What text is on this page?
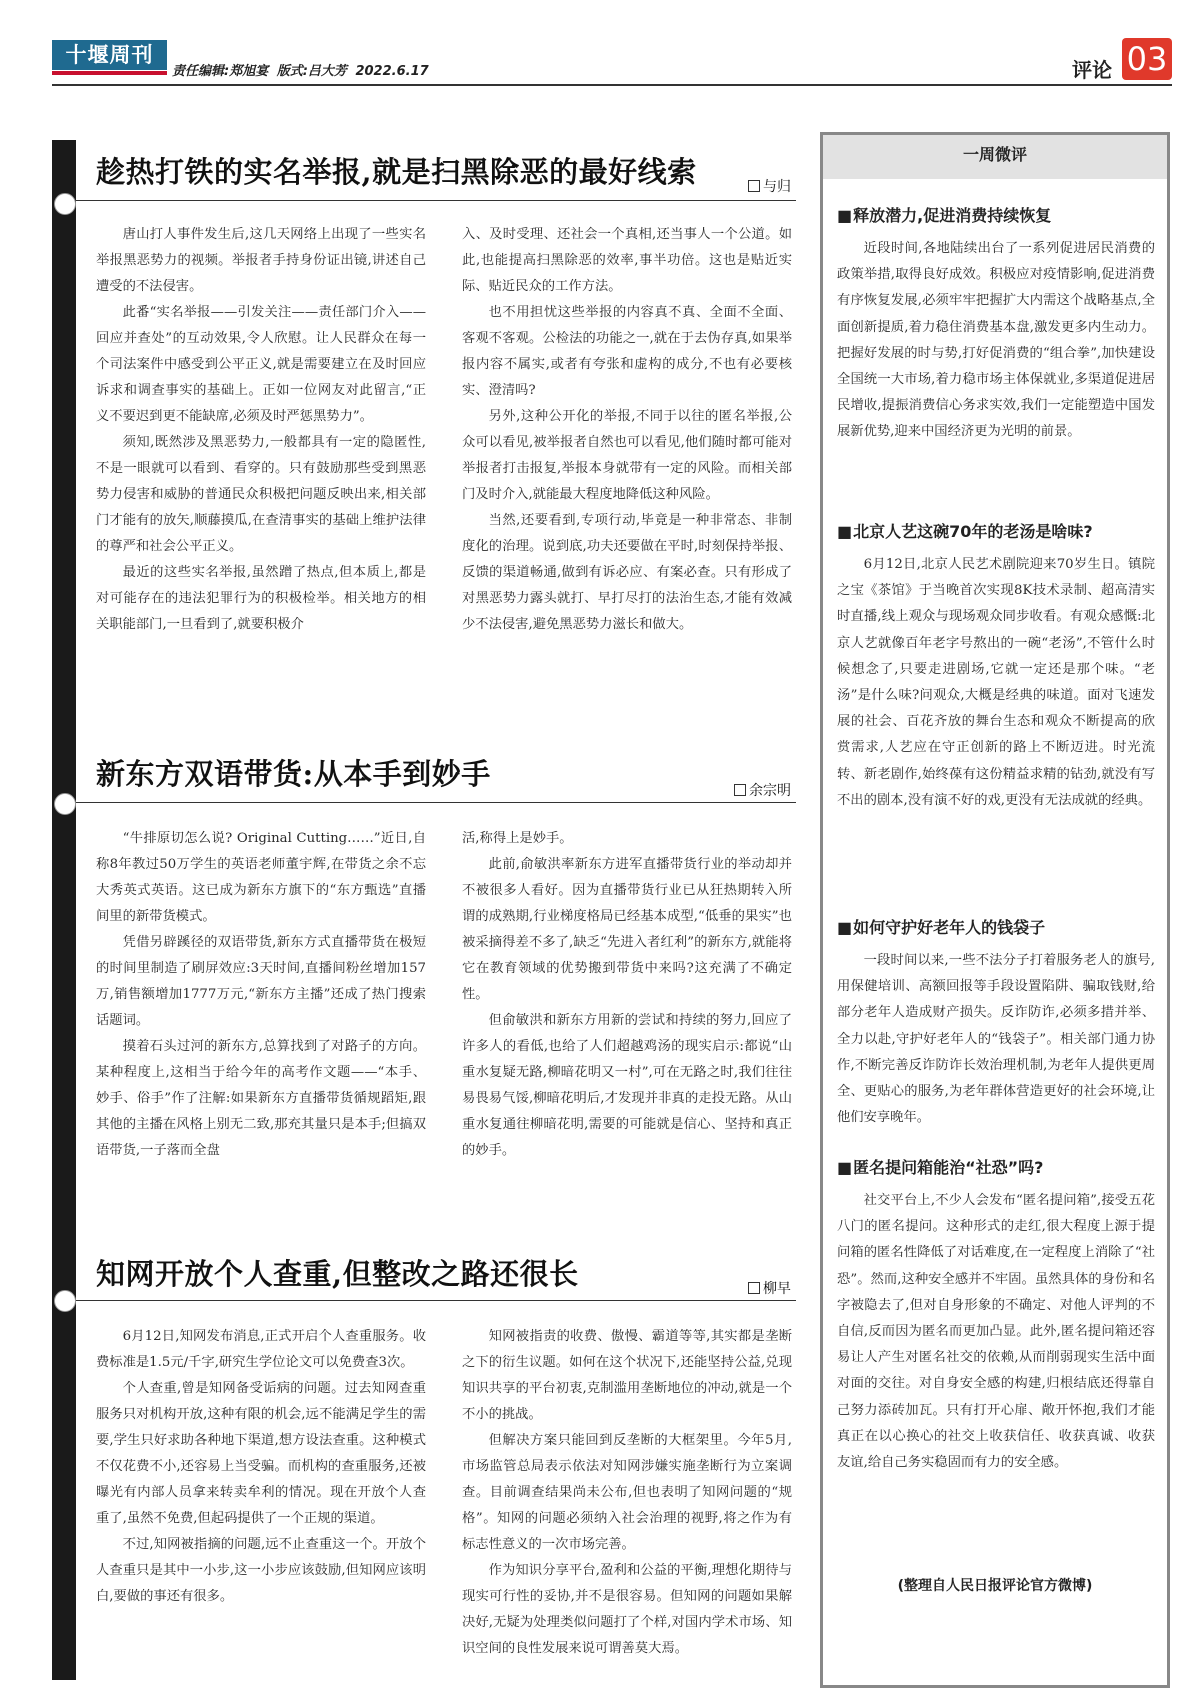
十堰周刊
责任编辑:郑旭宴 版式:吕大芳 2022.6.17	评论 03
趁热打铁的实名举报,就是扫黑除恶的最好线索	与归

唐山打人事件发生后,这几天网络上出现了一些实名举报黑恶势力的视频。举报者手持身份证出镜,讲述自己遭受的不法侵害。

此番“实名举报——引发关注——责任部门介入——回应并查处”的互动效果,令人欣慰。让人民群众在每一个司法案件中感受到公平正义,就是需要建立在及时回应诉求和调查事实的基础上。正如一位网友对此留言,“正义不要迟到更不能缺席,必须及时严惩黑势力”。

须知,既然涉及黑恶势力,一般都具有一定的隐匿性,不是一眼就可以看到、看穿的。只有鼓励那些受到黑恶势力侵害和威胁的普通民众积极把问题反映出来,相关部门才能有的放矢,顺藤摸瓜,在查清事实的基础上维护法律的尊严和社会公平正义。

最近的这些实名举报,虽然蹭了热点,但本质上,都是对可能存在的违法犯罪行为的积极检举。相关地方的相关职能部门,一旦看到了,就要积极介

入、及时受理、还社会一个真相,还当事人一个公道。如此,也能提高扫黑除恶的效率,事半功倍。这也是贴近实际、贴近民众的工作方法。

也不用担忧这些举报的内容真不真、全面不全面、客观不客观。公检法的功能之一,就在于去伪存真,如果举报内容不属实,或者有夸张和虚构的成分,不也有必要核实、澄清吗?

另外,这种公开化的举报,不同于以往的匿名举报,公众可以看见,被举报者自然也可以看见,他们随时都可能对举报者打击报复,举报本身就带有一定的风险。而相关部门及时介入,就能最大程度地降低这种风险。

当然,还要看到,专项行动,毕竟是一种非常态、非制度化的治理。说到底,功夫还要做在平时,时刻保持举报、反馈的渠道畅通,做到有诉必应、有案必查。只有形成了对黑恶势力露头就打、早打尽打的法治生态,才能有效减少不法侵害,避免黑恶势力滋长和做大。

新东方双语带货:从本手到妙手	余宗明

“牛排原切怎么说? Original Cutting……”近日,自称8年教过50万学生的英语老师董宇辉,在带货之余不忘大秀英式英语。这已成为新东方旗下的“东方甄选”直播间里的新带货模式。

凭借另辟蹊径的双语带货,新东方式直播带货在极短的时间里制造了刷屏效应:3天时间,直播间粉丝增加157万,销售额增加1777万元,“新东方主播”还成了热门搜索话题词。

摸着石头过河的新东方,总算找到了对路子的方向。某种程度上,这相当于给今年的高考作文题——“本手、妙手、俗手”作了注解:如果新东方直播带货循规蹈矩,跟其他的主播在风格上别无二致,那充其量只是本手;但搞双语带货,一子落而全盘

活,称得上是妙手。

此前,俞敏洪率新东方进军直播带货行业的举动却并不被很多人看好。因为直播带货行业已从狂热期转入所谓的成熟期,行业梯度格局已经基本成型,“低垂的果实”也被采摘得差不多了,缺乏“先进入者红利”的新东方,就能将它在教育领域的优势搬到带货中来吗?这充满了不确定性。

但俞敏洪和新东方用新的尝试和持续的努力,回应了许多人的看低,也给了人们超越鸡汤的现实启示:都说“山重水复疑无路,柳暗花明又一村”,可在无路之时,我们往往易畏易气馁,柳暗花明后,才发现并非真的走投无路。从山重水复通往柳暗花明,需要的可能就是信心、坚持和真正的妙手。

知网开放个人查重,但整改之路还很长	柳早

6月12日,知网发布消息,正式开启个人查重服务。收费标准是1.5元/千字,研究生学位论文可以免费查3次。

个人查重,曾是知网备受诟病的问题。过去知网查重服务只对机构开放,这种有限的机会,远不能满足学生的需要,学生只好求助各种地下渠道,想方设法查重。这种模式不仅花费不小,还容易上当受骗。而机构的查重服务,还被曝光有内部人员拿来转卖牟利的情况。现在开放个人查重了,虽然不免费,但起码提供了一个正规的渠道。

不过,知网被指摘的问题,远不止查重这一个。开放个人查重只是其中一小步,这一小步应该鼓励,但知网应该明白,要做的事还有很多。

知网被指责的收费、傲慢、霸道等等,其实都是垄断之下的衍生议题。如何在这个状况下,还能坚持公益,兑现知识共享的平台初衷,克制滥用垄断地位的冲动,就是一个不小的挑战。

但解决方案只能回到反垄断的大框架里。今年5月,市场监管总局表示依法对知网涉嫌实施垄断行为立案调查。目前调查结果尚未公布,但也表明了知网问题的“规格”。知网的问题必须纳入社会治理的视野,将之作为有标志性意义的一次市场完善。

作为知识分享平台,盈利和公益的平衡,理想化期待与现实可行性的妥协,并不是很容易。但知网的问题如果解决好,无疑为处理类似问题打了个样,对国内学术市场、知识空间的良性发展来说可谓善莫大焉。

一周微评
■ 释放潜力,促进消费持续恢复

近段时间,各地陆续出台了一系列促进居民消费的政策举措,取得良好成效。积极应对疫情影响,促进消费有序恢复发展,必须牢牢把握扩大内需这个战略基点,全面创新提质,着力稳住消费基本盘,激发更多内生动力。把握好发展的时与势,打好促消费的“组合拳”,加快建设全国统一大市场,着力稳市场主体保就业,多渠道促进居民增收,提振消费信心务求实效,我们一定能塑造中国发展新优势,迎来中国经济更为光明的前景。

■ 北京人艺这碗70年的老汤是啥味?

6月12日,北京人民艺术剧院迎来70岁生日。镇院之宝《茶馆》于当晚首次实现8K技术录制、超高清实时直播,线上观众与现场观众同步收看。有观众感慨:北京人艺就像百年老字号熬出的一碗“老汤”,不管什么时候想念了,只要走进剧场,它就一定还是那个味。“老汤”是什么味?问观众,大概是经典的味道。面对飞速发展的社会、百花齐放的舞台生态和观众不断提高的欣赏需求,人艺应在守正创新的路上不断迈进。时光流转、新老剧作,始终葆有这份精益求精的钻劲,就没有写不出的剧本,没有演不好的戏,更没有无法成就的经典。

■ 如何守护好老年人的钱袋子

一段时间以来,一些不法分子打着服务老人的旗号,用保健培训、高额回报等手段设置陷阱、骗取钱财,给部分老年人造成财产损失。反诈防诈,必须多措并举、全力以赴,守护好老年人的“钱袋子”。相关部门通力协作,不断完善反诈防诈长效治理机制,为老年人提供更周全、更贴心的服务,为老年群体营造更好的社会环境,让他们安享晚年。

■ 匿名提问箱能治“社恐”吗?

社交平台上,不少人会发布“匿名提问箱”,接受五花八门的匿名提问。这种形式的走红,很大程度上源于提问箱的匿名性降低了对话难度,在一定程度上消除了“社恐”。然而,这种安全感并不牢固。虽然具体的身份和名字被隐去了,但对自身形象的不确定、对他人评判的不自信,反而因为匿名而更加凸显。此外,匿名提问箱还容易让人产生对匿名社交的依赖,从而削弱现实生活中面对面的交往。对自身安全感的构建,归根结底还得靠自己努力添砖加瓦。只有打开心扉、敞开怀抱,我们才能真正在以心换心的社交上收获信任、收获真诚、收获友谊,给自己务实稳固而有力的安全感。

(整理自人民日报评论官方微博)
